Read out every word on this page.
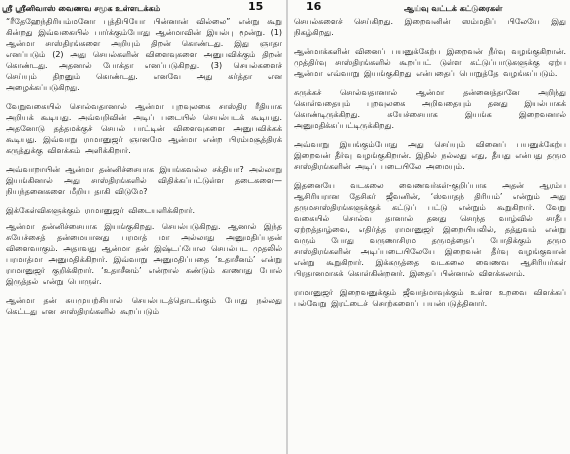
ஶ்ரீ ஶ்ரீனிவாஸ் வைணவ சமூக உள்ளடக்கம்	15

“ரீதேஹேந்திரியம்மனோ புத்திபியோ பின்னான் வில்லை” என்று கூறு கின்றது இவ்வகையில் பார்க்கும்போது ஆன்மாவின் இயல்பு மூன்று. (1) ஆன்மா சாஸ்திரங்களை அறியும் திறன் கொண்டது. இது ஞாதா எனப்படும் (2) அது செயல்களின் விளைவுகளை அனுபவிக்கும் திறன் கொண்டது. அதனால் போக்தா எனப்படுகிறது. (3) செயல்களைச் செய்யும் திறனும் கொண்டது. எனவே அது கர்த்தா என அழைக்கப்படுகிறது.

வேறுவகையில் சொல்வதானால் ஆன்மா புறவுலகை சாஸ்திர ரீதியாக அறியக் கூடியது. அவ்வறிவின் அடிப் படையில் செயல்படக் கூடியது. அதனோடு தத்தமக்குச் செயல் பாட்டின் விளைவுகளை அனுபவிக்கக் கூடியது. இவ்வாறு ராமானுஜர் ஞானமே ஆன்மா என்ற பிரம்மசூத்திரக் கருத்துக்கு விளக்கம் அளிக்கிறார்.

அவ்வாறாயின் ஆன்மா தன்னிச்சையாக இயங்கவல்ல சக்தியா? அல்லாறு இயங்கினால் அது சாஸ்திரங்களில் விதிக்கப்பட்டுள்ள தடைகளை—நியந்தனைகளை மீறிய தாகி விடுமே?

இக்கேள்விகளுக்கும் ராமானுஜர் விடையளிக்கிறார்.

ஆன்மா தன்னிச்சையாக இயங்குகிறது. செயல்படுகிறது. ஆனால் இந்த சுயேச்சைத் தன்மையானது பரமாத் மா அல்லாது அனுமதிப்பதன் விளைவாகும். அதாவது ஆன்மா தன் இஷ்டப்போல செயல்பட முதலில் பரமாத்மா அனுமதிக்கிறார். இவ்வாறு அனுமதிப்பதை ‘உதாசீனம்’ என்று ராமானுஜர் குறிக்கிறார். ‘உதாசீனம்’ என்றால் கண்டும் காணாது போல் இருத்தல் என்று பொருள்.

ஆன்மா தன் சுயமுயற்சியால் செயல்படத்தொடங்கும் போது நல்லது கெட்டது என சாஸ்திரங்களில் கூறப்படும்

16	ஆய்வு வட்டக் கட்டுரைகள்

செயல்களைச் செய்கிறது. இறைவனின் ஸம்மதிப் பிலேயே இது நிகழ்கிறது.

ஆன்மாக்களின் வினைப் பயனுக்கேற்ப இறைவன் நீர்வு வழங்குகிறான். முத்திர்வு சாஸ்திரங்களில் கூறப்பட் டுள்ள கட்டுப்பாடுகளுக்கு ஏற்ப ஆன்மா எவ்வாறு இயங்குகிறது என்பதைப் பொறுத்தே வழங்கப்படும்.

சுருக்கச் சொல்வதானால் ஆன்மா தன்னைத்தானே அறிந்து கொள்வதையும் புறவுலகை அறிவதையும் தனது இயல்பாகக் கொண்டிருக்கிறது. சுயேச்சையாக இயங்க இறைவனால் அனுமதிக்கப்பட்டிருக்கிறது.

அவ்வாறு இயங்கும்போது அது செய்யும் வினைப் பயனுக்கேற்ப இறைவன் தீர்வு வழங்குகிறான். இதில் நல்லது எது, தீயது என்பது தரும சாஸ்திரங்களின் அடிப் படையிலே அமையும்.

இதனையே வடகலை வைணவர்கள்-குறிப்பாக அதன் ஆரம்ப ஆசிரியரான தேசிகர் ஜீவனின், ‘ஸ்வாதந் திரியம்’ என்றும் அது தருமசாஸ்திரங்களுக்குக் கட்டுப் பட்டு என்றும் கூறுகிறார். வேறு வகையில் சொல்வ தானால் தனது சொந்த வாழ்வில் சாதீப ஏற்றத்தாழ்வை, எதிர்த்த ராமானுஜர் இறையியலில், தத்துவம் என்று வரும் போது வருணாசிரம தருமத்தைப் போதிக்கும் தரும சாஸ்திரங்களின் அடிப்படையிலேயே இறைவன் தீர்வு வழங்குவான் என்று கூறுகிறார். இக்கருத்தை வடகலை வைணவ ஆசிரியர்கள் பிரதானமாகக் கொள்கின்றனர். இதைப் பின்னால் விளக்கலாம்.

ராமானுஜர் இறைவனுக்கும் ஜீவாத்மாவுக்கும் உள்ள உறவை விளக்கப் பல்வேறு இரட்டைச் சொற்களைப் பயன்படுத்தினார்.
